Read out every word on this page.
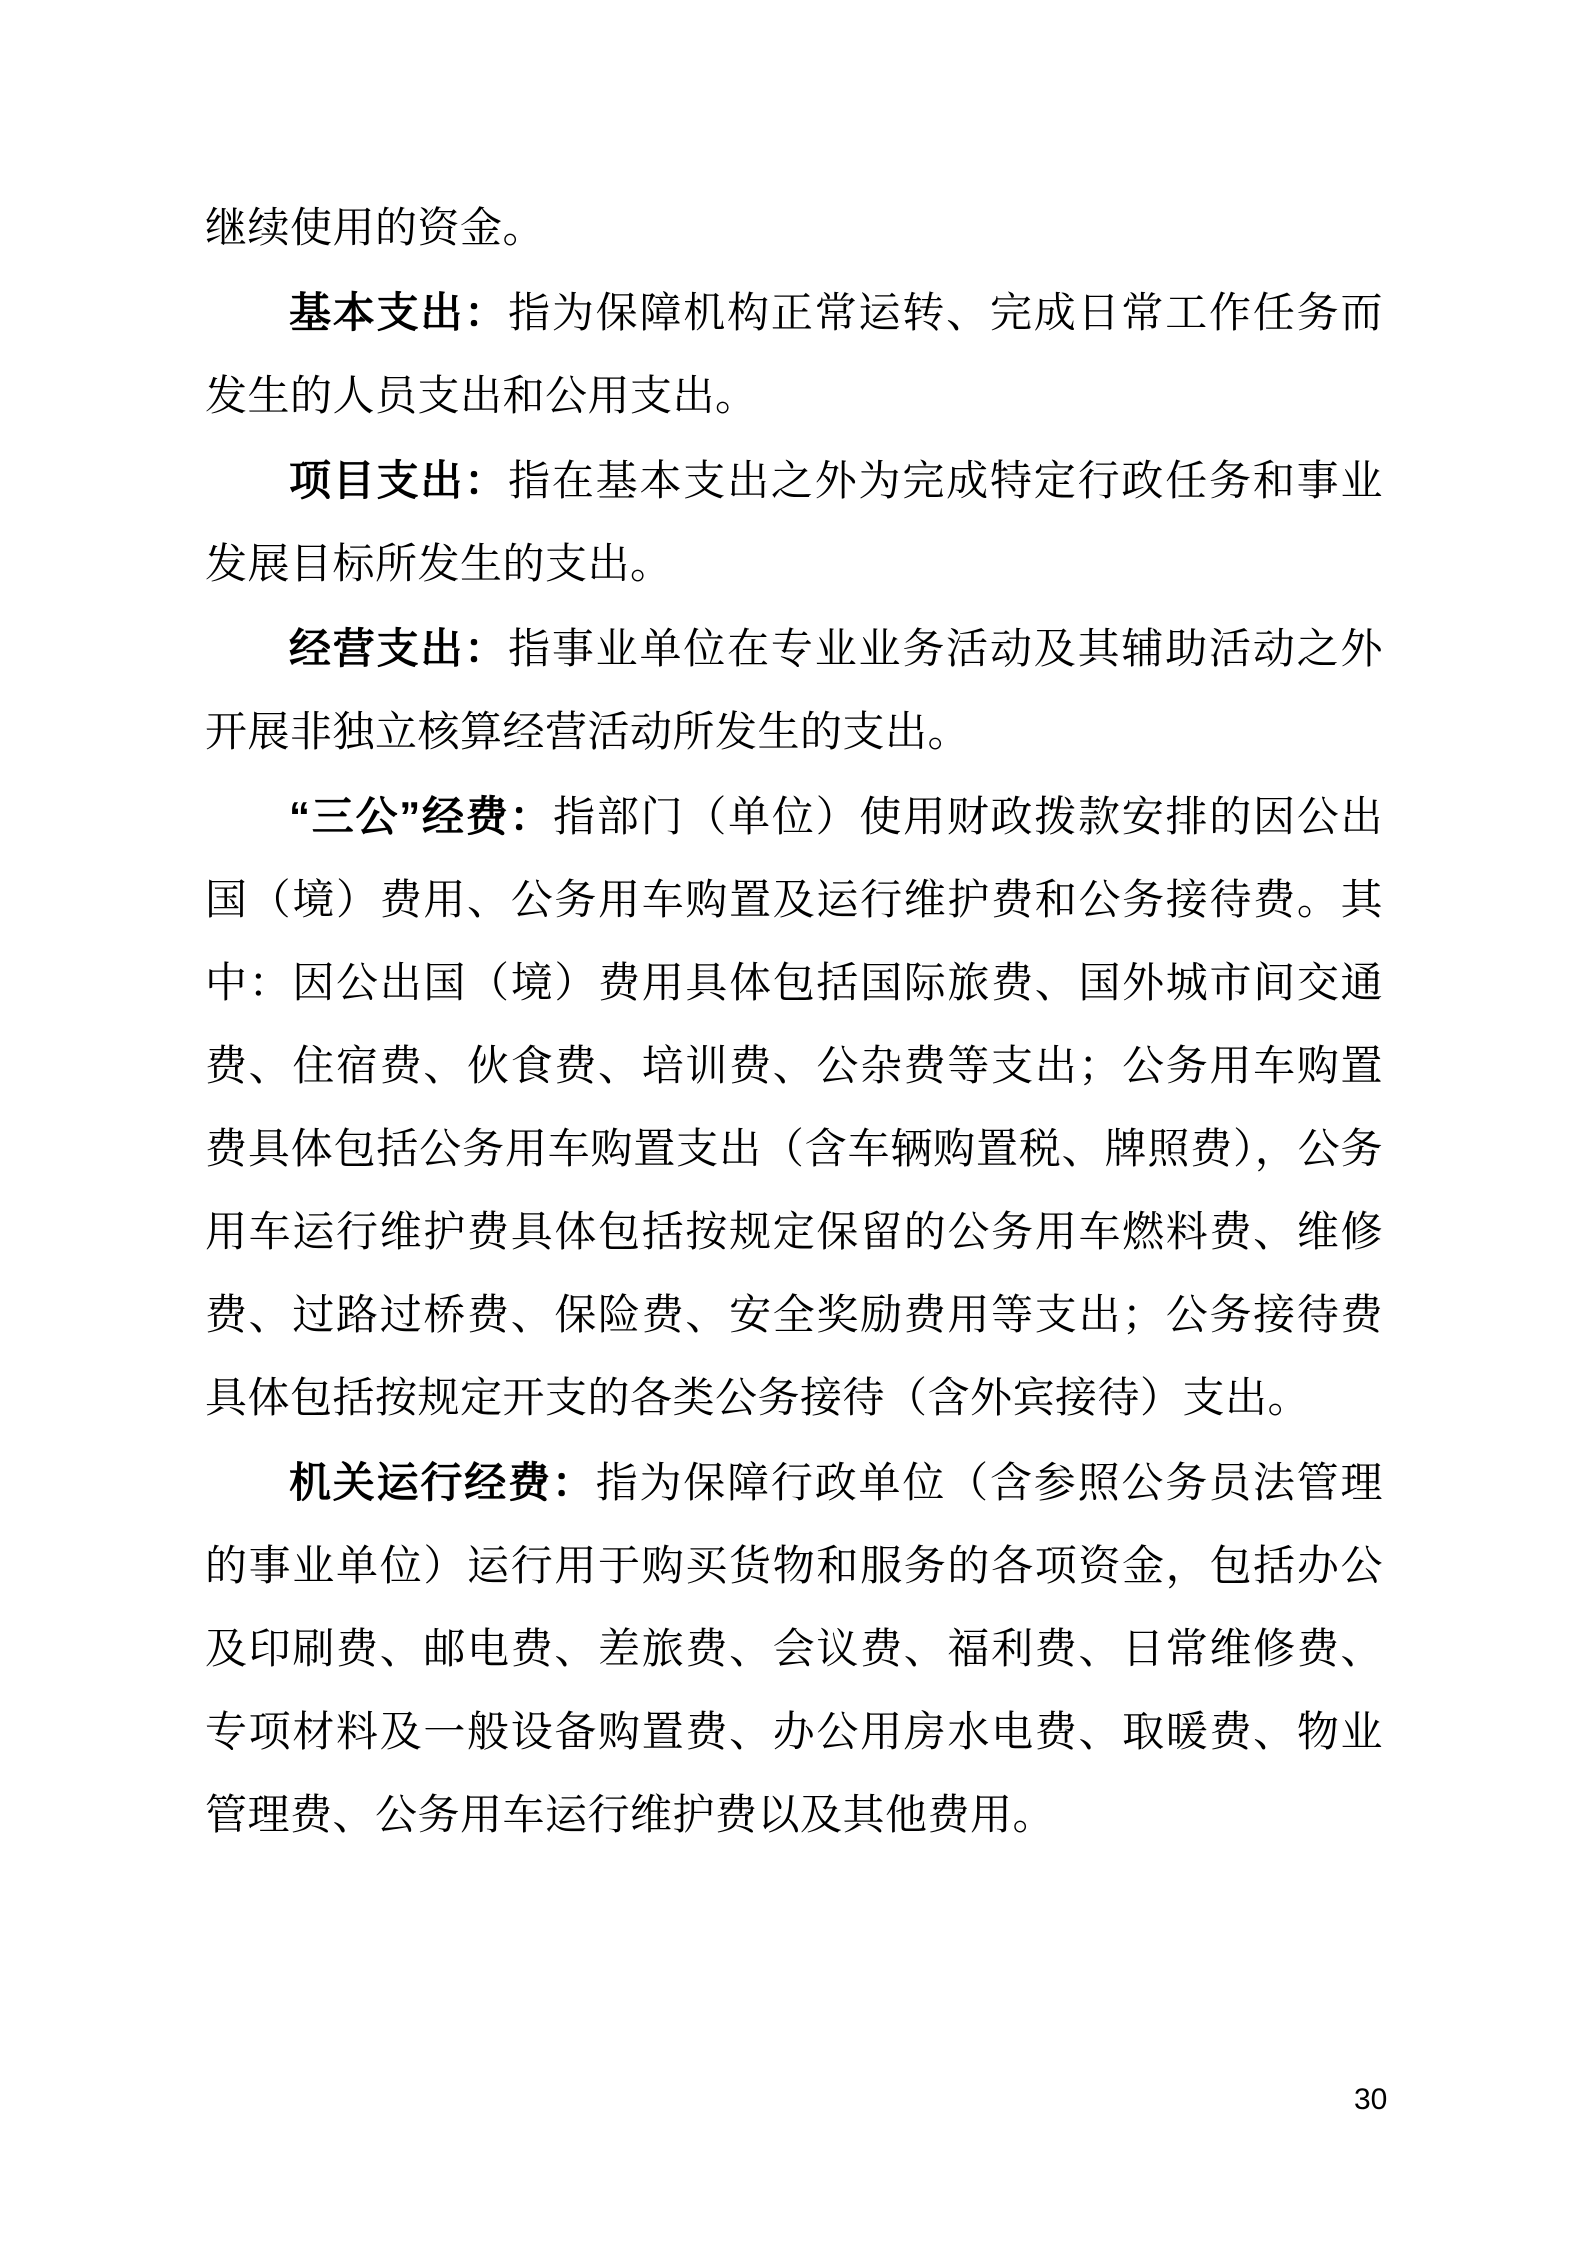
继续使用的资金。

基本支出：指为保障机构正常运转、完成日常工作任务而发生的人员支出和公用支出。

项目支出：指在基本支出之外为完成特定行政任务和事业发展目标所发生的支出。

经营支出：指事业单位在专业业务活动及其辅助活动之外开展非独立核算经营活动所发生的支出。

“三公”经费：指部门（单位）使用财政拨款安排的因公出国（境）费用、公务用车购置及运行维护费和公务接待费。其中：因公出国（境）费用具体包括国际旅费、国外城市间交通费、住宿费、伙食费、培训费、公杂费等支出；公务用车购置费具体包括公务用车购置支出（含车辆购置税、牌照费），公务用车运行维护费具体包括按规定保留的公务用车燃料费、维修费、过路过桥费、保险费、安全奖励费用等支出；公务接待费具体包括按规定开支的各类公务接待（含外宾接待）支出。

机关运行经费：指为保障行政单位（含参照公务员法管理的事业单位）运行用于购买货物和服务的各项资金，包括办公及印刷费、邮电费、差旅费、会议费、福利费、日常维修费、专项材料及一般设备购置费、办公用房水电费、取暖费、物业管理费、公务用车运行维护费以及其他费用。

30
